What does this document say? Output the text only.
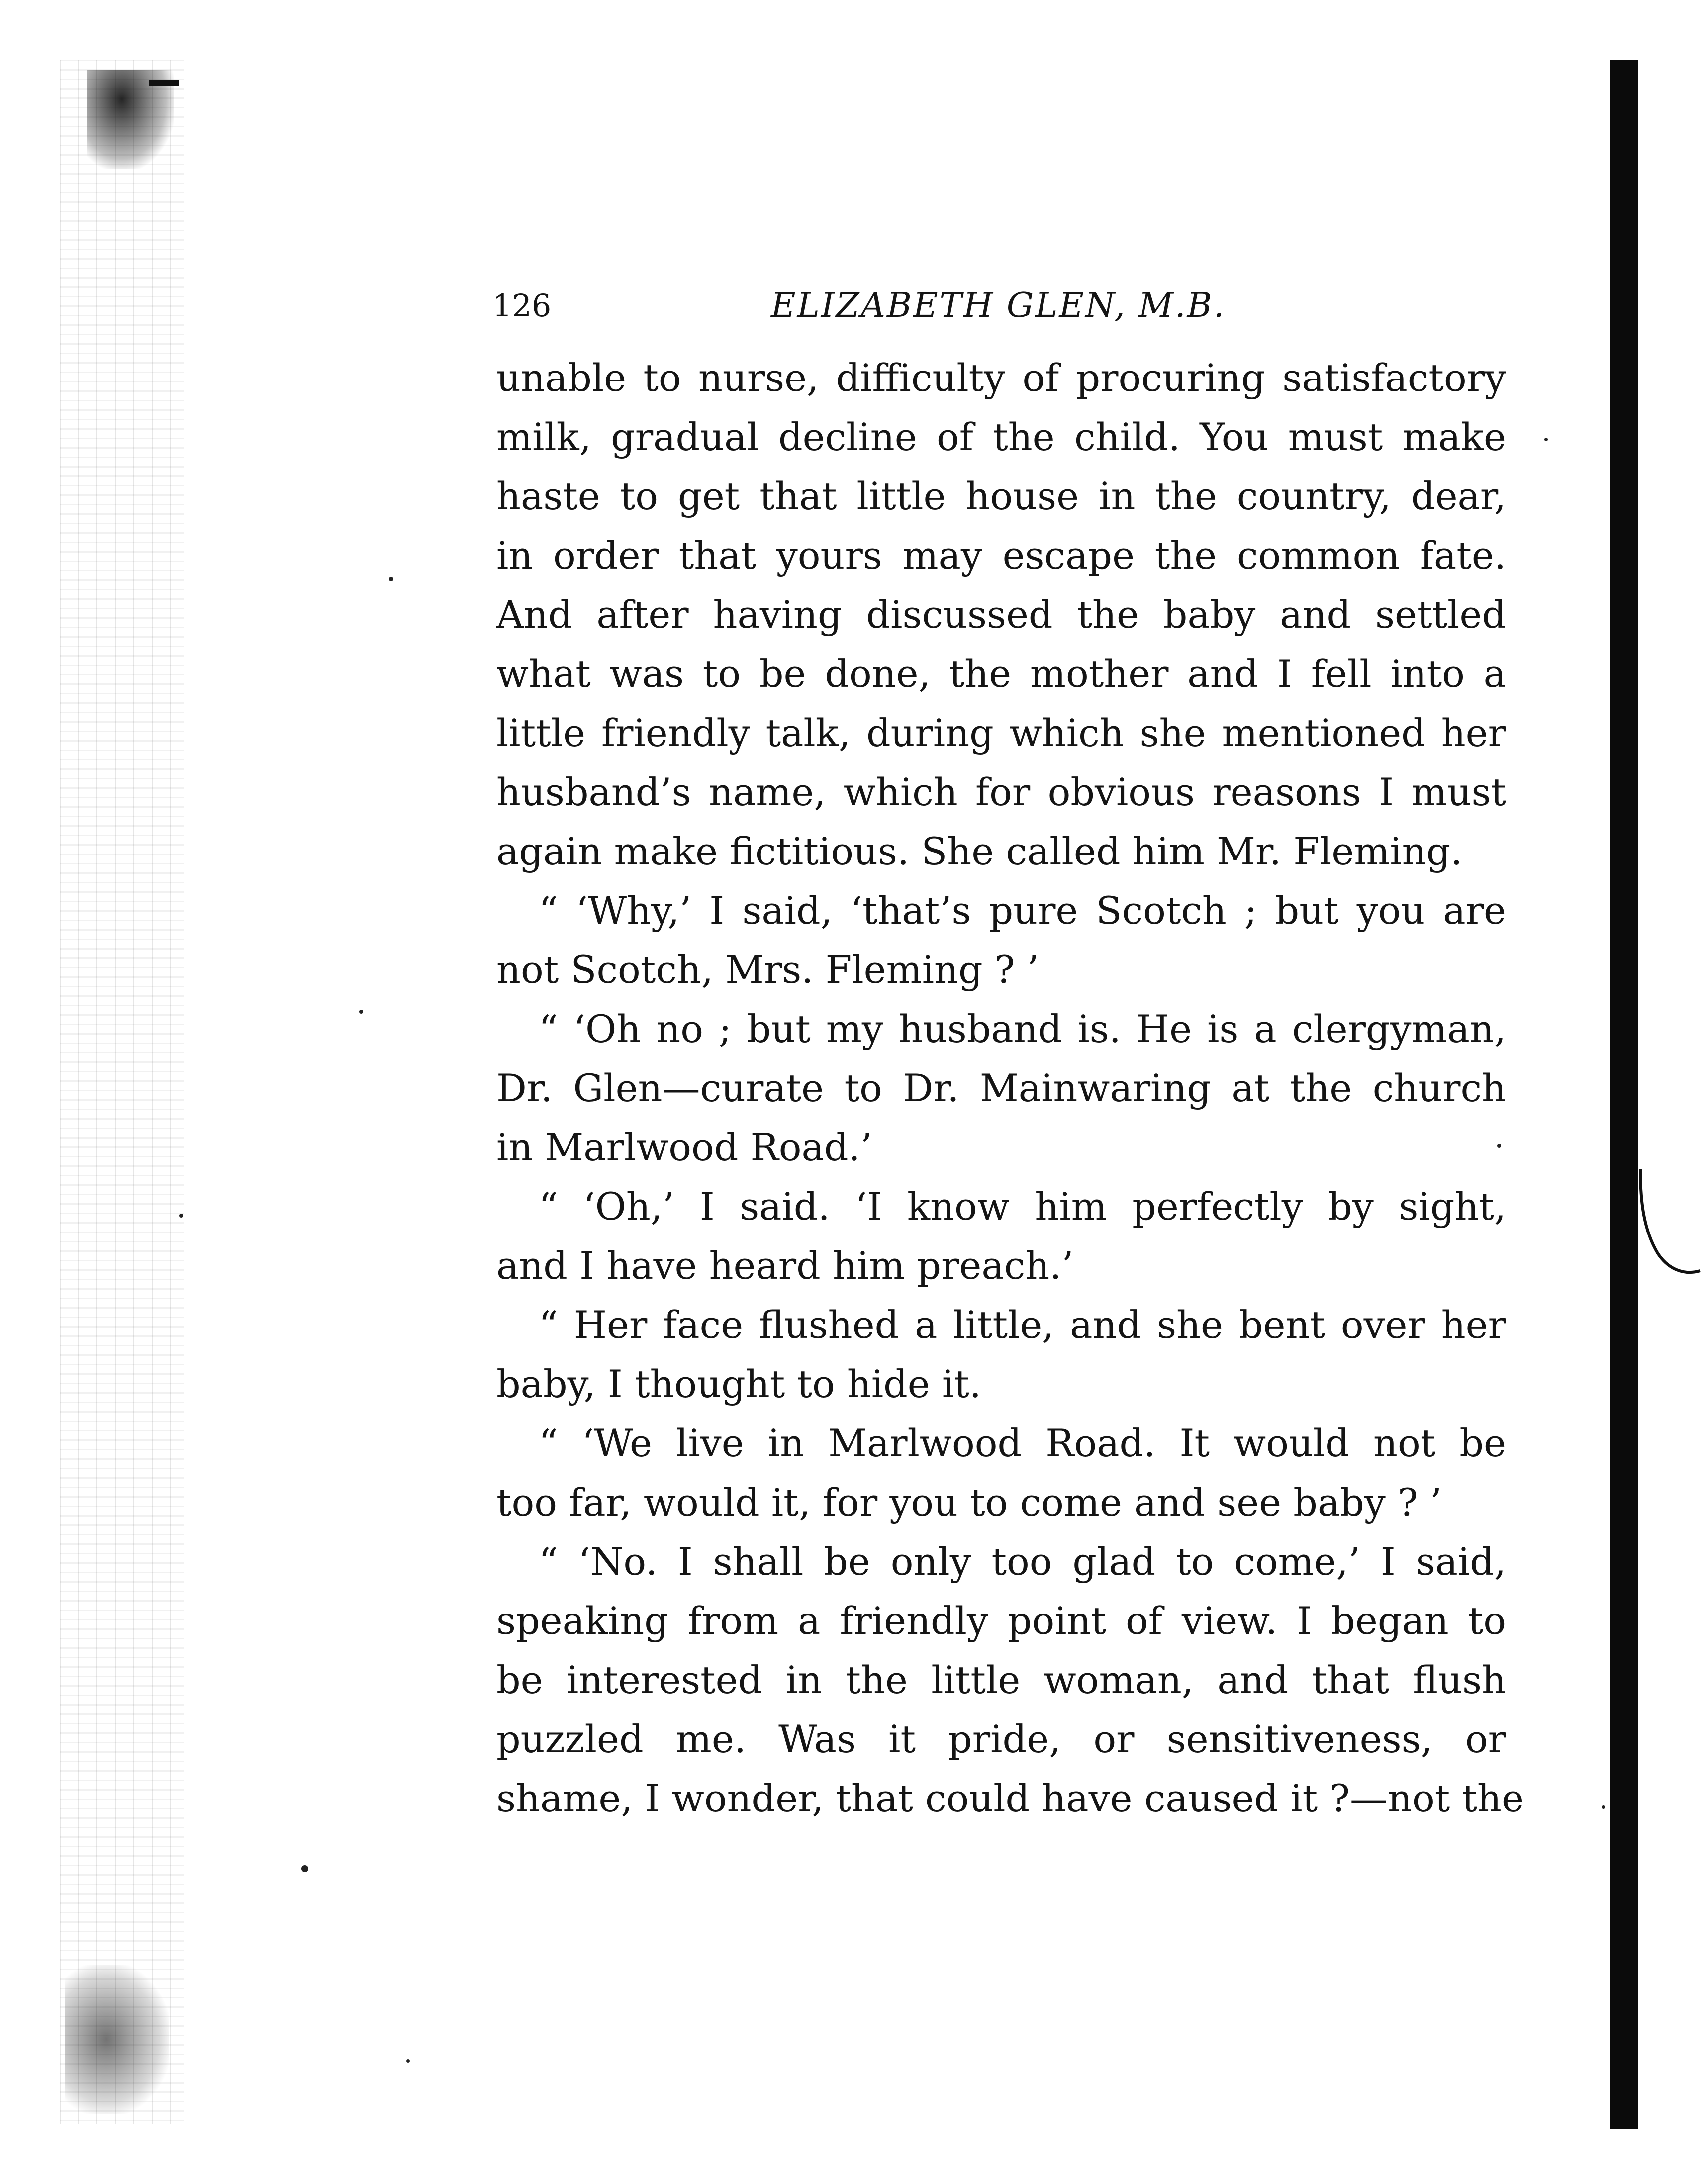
126	ELIZABETH GLEN, M.B.
unable to nurse, difficulty of procuring satisfactory
milk, gradual decline of the child. You must make
haste to get that little house in the country, dear,
in order that yours may escape the common fate.
And after having discussed the baby and settled
what was to be done, the mother and I fell into a
little friendly talk, during which she mentioned her
husband’s name, which for obvious reasons I must
again make fictitious. She called him Mr. Fleming.
“ ‘Why,’ I said, ‘that’s pure Scotch ; but you are
not Scotch, Mrs. Fleming ? ’
“ ‘Oh no ; but my husband is. He is a clergyman,
Dr. Glen—curate to Dr. Mainwaring at the church
in Marlwood Road.’
“ ‘Oh,’ I said. ‘I know him perfectly by sight,
and I have heard him preach.’
“ Her face flushed a little, and she bent over her
baby, I thought to hide it.
“ ‘We live in Marlwood Road. It would not be
too far, would it, for you to come and see baby ? ’
“ ‘No. I shall be only too glad to come,’ I said,
speaking from a friendly point of view. I began to
be interested in the little woman, and that flush
puzzled me. Was it pride, or sensitiveness, or
shame, I wonder, that could have caused it ?—not the
